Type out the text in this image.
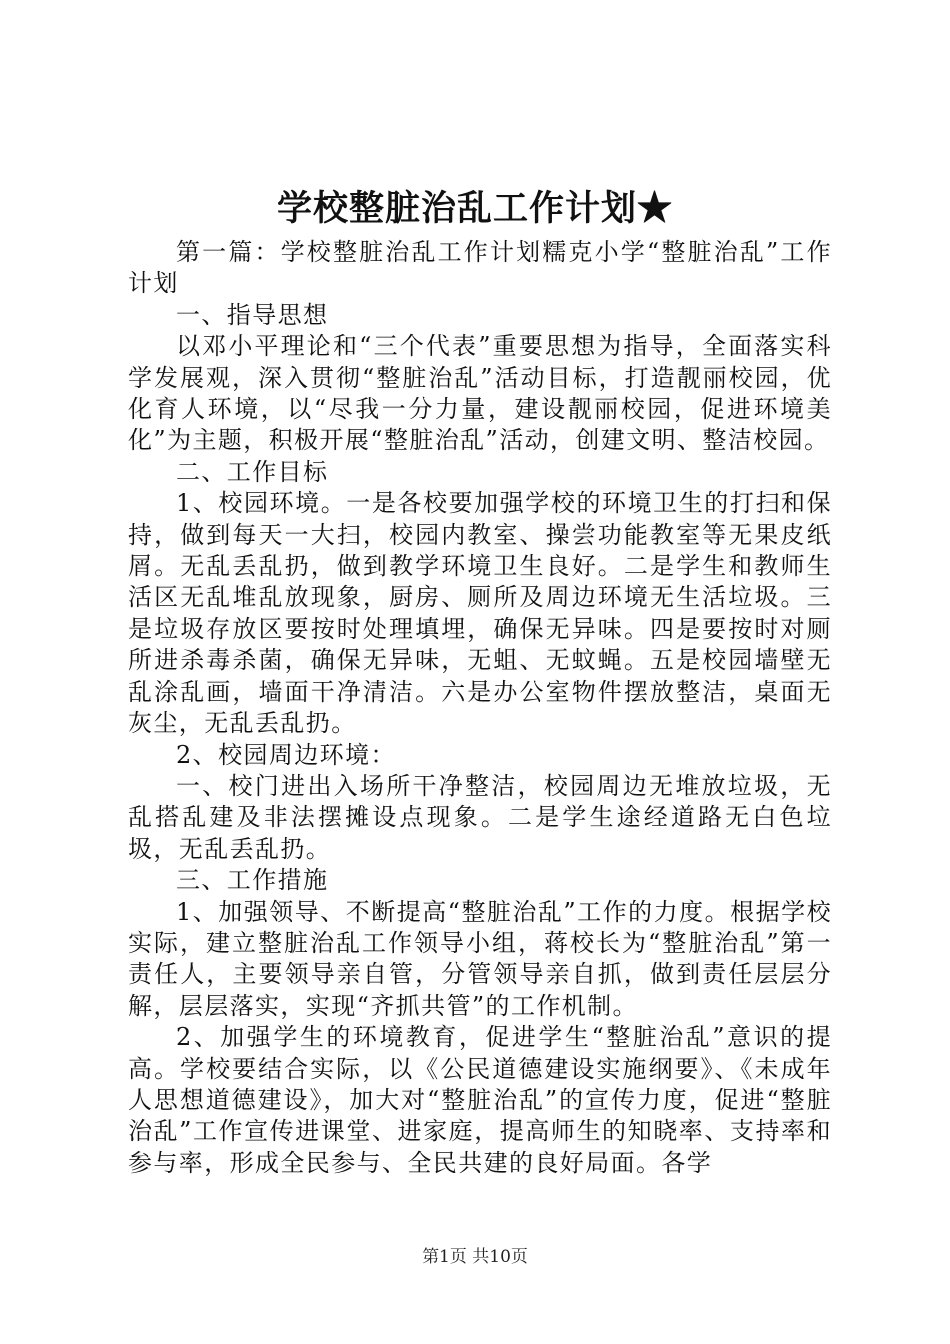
学校整脏治乱工作计划★

第一篇：学校整脏治乱工作计划糯克小学“整脏治乱”工作计划

一、指导思想

以邓小平理论和“三个代表”重要思想为指导，全面落实科学发展观，深入贯彻“整脏治乱”活动目标，打造靓丽校园，优化育人环境，以“尽我一分力量，建设靓丽校园，促进环境美化”为主题，积极开展“整脏治乱”活动，创建文明、整洁校园。

二、工作目标

1、校园环境。一是各校要加强学校的环境卫生的打扫和保持，做到每天一大扫，校园内教室、操尝功能教室等无果皮纸屑。无乱丢乱扔，做到教学环境卫生良好。二是学生和教师生活区无乱堆乱放现象，厨房、厕所及周边环境无生活垃圾。三是垃圾存放区要按时处理填埋，确保无异味。四是要按时对厕所进杀毒杀菌，确保无异味，无蛆、无蚊蝇。五是校园墙壁无乱涂乱画，墙面干净清洁。六是办公室物件摆放整洁，桌面无灰尘，无乱丢乱扔。

2、校园周边环境：

一、校门进出入场所干净整洁，校园周边无堆放垃圾，无乱搭乱建及非法摆摊设点现象。二是学生途经道路无白色垃圾，无乱丢乱扔。

三、工作措施

1、加强领导、不断提高“整脏治乱”工作的力度。根据学校实际，建立整脏治乱工作领导小组，蒋校长为“整脏治乱”第一责任人，主要领导亲自管，分管领导亲自抓，做到责任层层分解，层层落实，实现“齐抓共管”的工作机制。

2、加强学生的环境教育，促进学生“整脏治乱”意识的提高。学校要结合实际，以《公民道德建设实施纲要》、《未成年人思想道德建设》，加大对“整脏治乱”的宣传力度，促进“整脏治乱”工作宣传进课堂、进家庭，提高师生的知晓率、支持率和参与率，形成全民参与、全民共建的良好局面。各学

第1页 共10页
